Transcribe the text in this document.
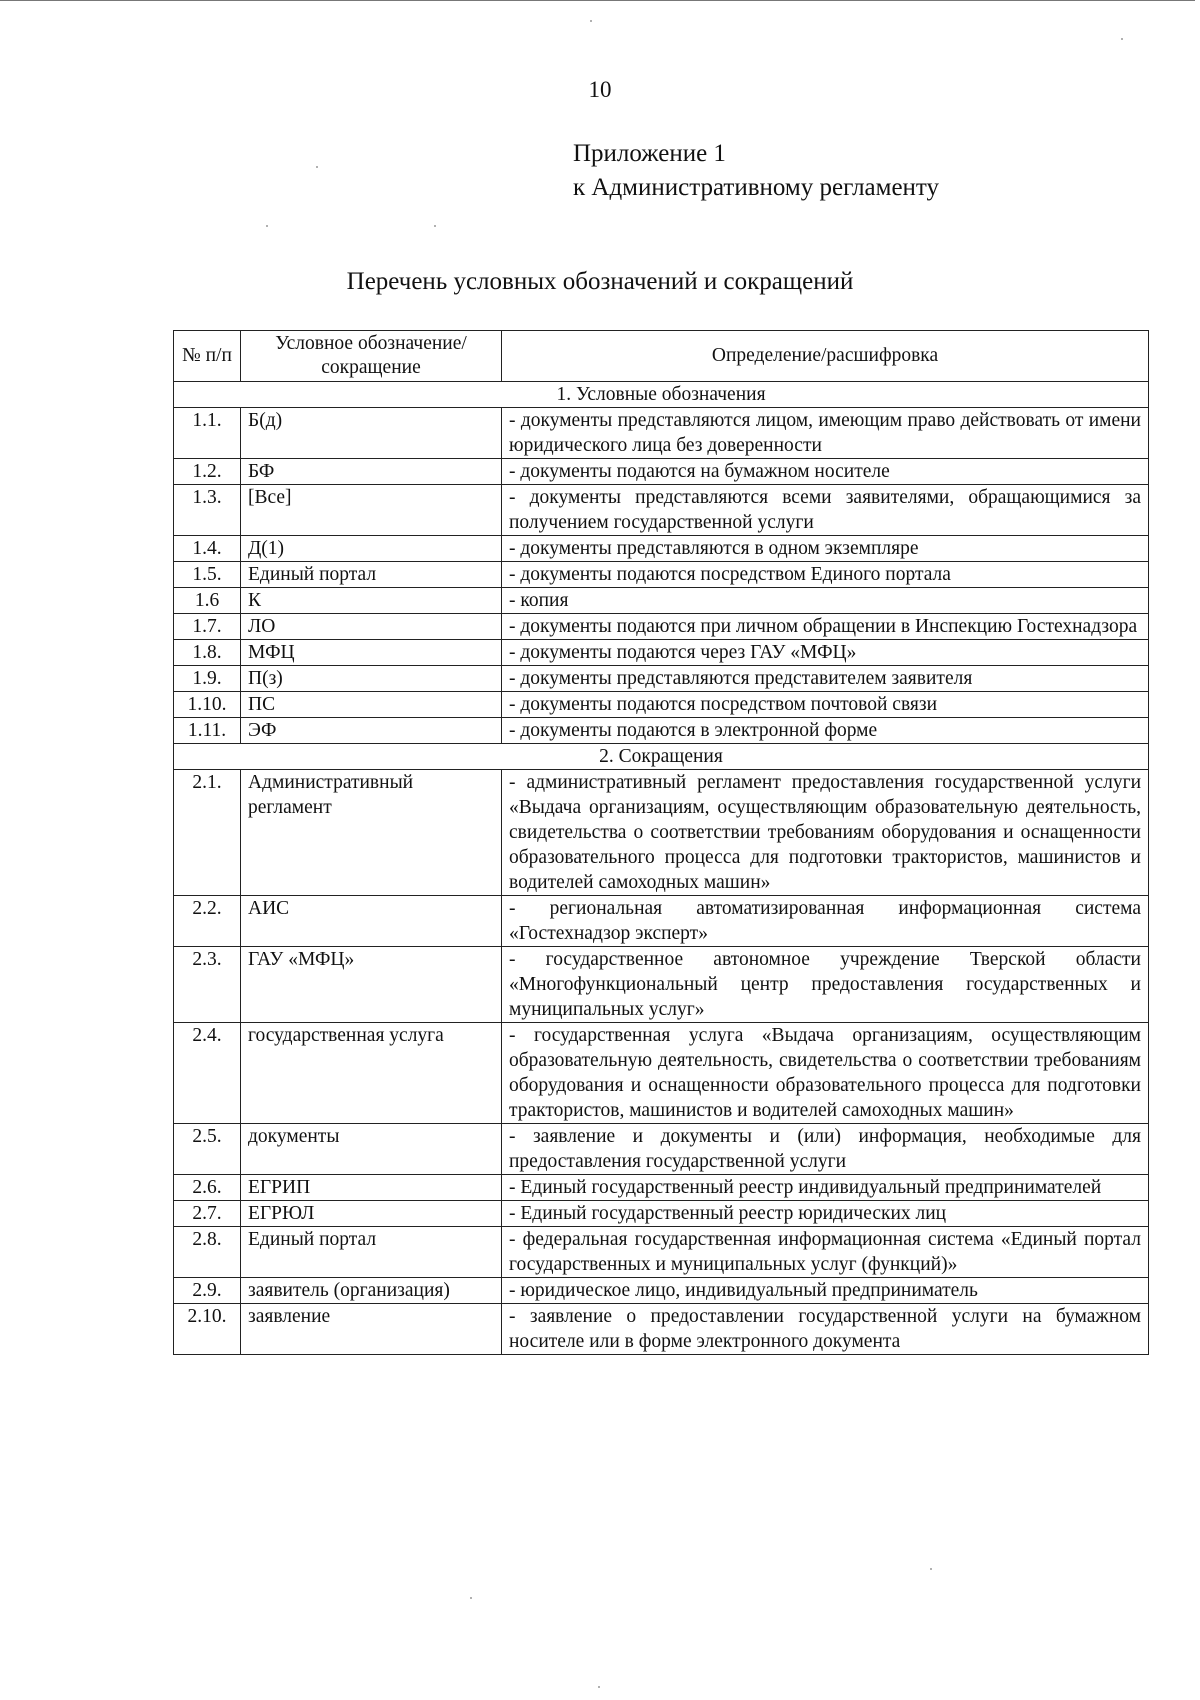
10
Приложение 1
к Административному регламенту
Перечень условных обозначений и сокращений
№ п/п	Условное обозначение/сокращение	Определение/расшифровка
1. Условные обозначения		
1.1.	Б(д)	- документы представляются лицом, имеющим право действовать от имени юридического лица без доверенности
1.2.	БФ	- документы подаются на бумажном носителе
1.3.	[Все]	- документы представляются всеми заявителями, обращающимися за получением государственной услуги
1.4.	Д(1)	- документы представляются в одном экземпляре
1.5.	Единый портал	- документы подаются посредством Единого портала
1.6	К	- копия
1.7.	ЛО	- документы подаются при личном обращении в Инспекцию Гостехнадзора
1.8.	МФЦ	- документы подаются через ГАУ «МФЦ»
1.9.	П(з)	- документы представляются представителем заявителя
1.10.	ПС	- документы подаются посредством почтовой связи
1.11.	ЭФ	- документы подаются в электронной форме
2. Сокращения		
2.1.	Административный регламент	- административный регламент предоставления государственной услуги «Выдача организациям, осуществляющим образовательную деятельность, свидетельства о соответствии требованиям оборудования и оснащенности образовательного процесса для подготовки трактористов, машинистов и водителей самоходных машин»
2.2.	АИС	- региональная автоматизированная информационная система «Гостехнадзор эксперт»
2.3.	ГАУ «МФЦ»	- государственное автономное учреждение Тверской области «Многофункциональный центр предоставления государственных и муниципальных услуг»
2.4.	государственная услуга	- государственная услуга «Выдача организациям, осуществляющим образовательную деятельность, свидетельства о соответствии требованиям оборудования и оснащенности образовательного процесса для подготовки трактористов, машинистов и водителей самоходных машин»
2.5.	документы	- заявление и документы и (или) информация, необходимые для предоставления государственной услуги
2.6.	ЕГРИП	- Единый государственный реестр индивидуальный предпринимателей
2.7.	ЕГРЮЛ	- Единый государственный реестр юридических лиц
2.8.	Единый портал	- федеральная государственная информационная система «Единый портал государственных и муниципальных услуг (функций)»
2.9.	заявитель (организация)	- юридическое лицо, индивидуальный предприниматель
2.10.	заявление	- заявление о предоставлении государственной услуги на бумажном носителе или в форме электронного документа
